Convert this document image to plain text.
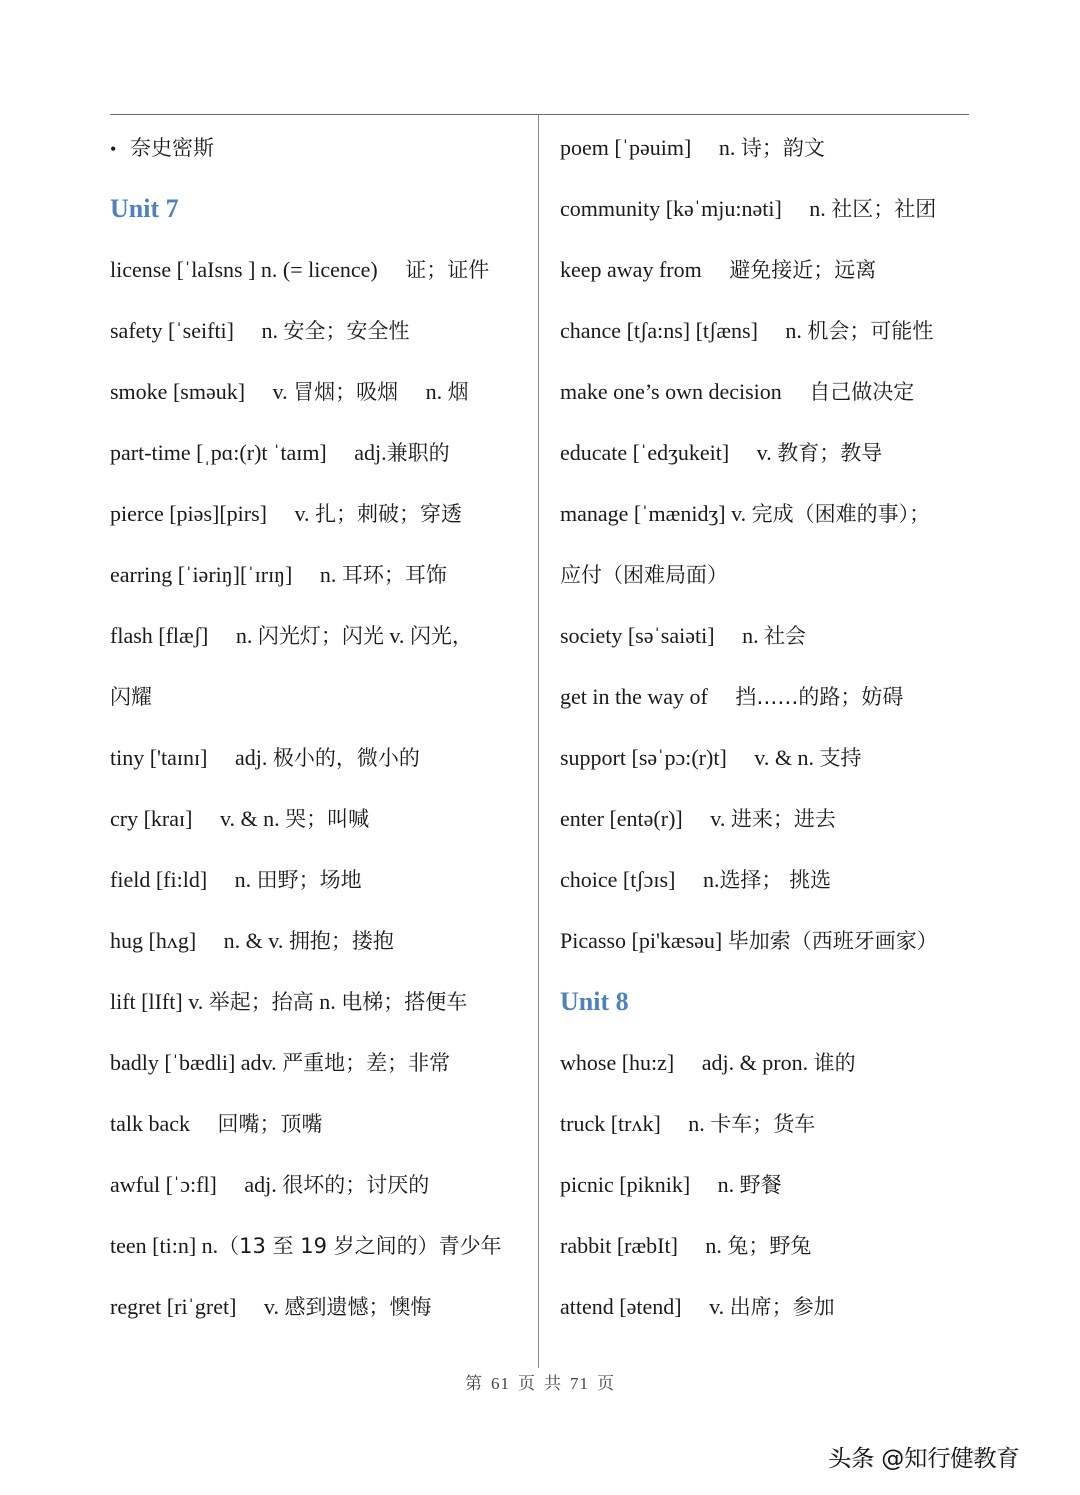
• 奈史密斯
Unit 7
license [ˈlaIsns ] n. (= licence) 证；证件
safety [ˈseifti] n. 安全；安全性
smoke [sməuk] v. 冒烟；吸烟 n. 烟
part-time [ˌpɑ:(r)t ˈtaɪm] adj.兼职的
pierce [piəs][pirs] v. 扎；刺破；穿透
earring [ˈiəriŋ][ˈɪrɪŋ] n. 耳环；耳饰
flash [flæʃ] n. 闪光灯；闪光 v. 闪光，
闪耀
tiny ['taɪnɪ] adj. 极小的，微小的
cry [kraɪ] v. & n. 哭；叫喊
field [fi:ld] n. 田野；场地
hug [hʌg] n. & v. 拥抱；搂抱
lift [lIft] v. 举起；抬高 n. 电梯；搭便车
badly [ˈbædli] adv. 严重地；差；非常
talk back 回嘴；顶嘴
awful [ˈɔ:fl] adj. 很坏的；讨厌的
teen [ti:n] n.（13 至 19 岁之间的）青少年
regret [riˈgret] v. 感到遗憾；懊悔
poem [ˈpəuim] n. 诗；韵文
community [kəˈmju:nəti] n. 社区；社团
keep away from 避免接近；远离
chance [tʃa:ns] [tʃæns] n. 机会；可能性
make one’s own decision 自己做决定
educate [ˈedʒukeit] v. 教育；教导
manage [ˈmænidʒ] v. 完成（困难的事）；
应付（困难局面）
society [səˈsaiəti] n. 社会
get in the way of 挡……的路；妨碍
support [səˈpɔ:(r)t] v. & n. 支持
enter [entə(r)] v. 进来；进去
choice [tʃɔɪs] n.选择； 挑选
Picasso [pi'kæsəu] 毕加索（西班牙画家）
Unit 8
whose [hu:z] adj. & pron. 谁的
truck [trʌk] n. 卡车；货车
picnic [piknik] n. 野餐
rabbit [ræbIt] n. 兔；野兔
attend [ətend] v. 出席；参加
第 61 页 共 71 页
头条 @知行健教育
